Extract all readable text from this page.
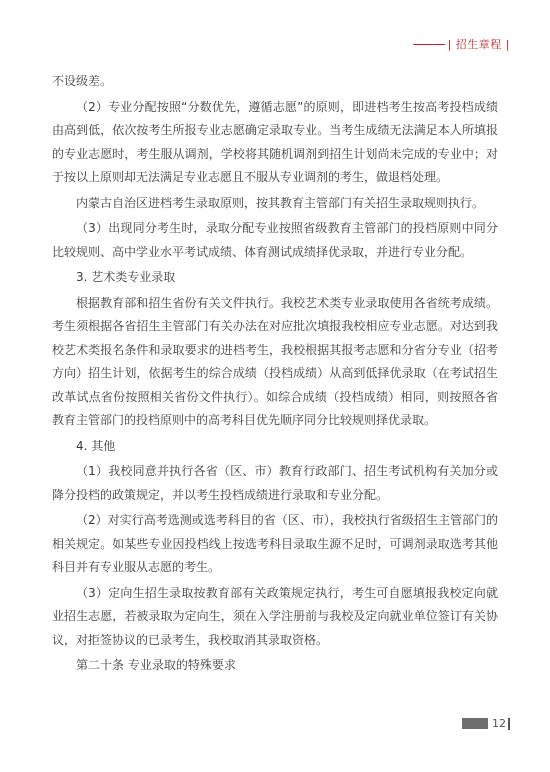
| 招生章程 |

不设级差。

（2）专业分配按照“分数优先，遵循志愿”的原则，即进档考生按高考投档成绩由高到低，依次按考生所报专业志愿确定录取专业。当考生成绩无法满足本人所填报的专业志愿时，考生服从调剂，学校将其随机调剂到招生计划尚未完成的专业中；对于按以上原则却无法满足专业志愿且不服从专业调剂的考生，做退档处理。

内蒙古自治区进档考生录取原则，按其教育主管部门有关招生录取规则执行。

（3）出现同分考生时，录取分配专业按照省级教育主管部门的投档原则中同分比较规则、高中学业水平考试成绩、体育测试成绩择优录取，并进行专业分配。

3. 艺术类专业录取

根据教育部和招生省份有关文件执行。我校艺术类专业录取使用各省统考成绩。考生须根据各省招生主管部门有关办法在对应批次填报我校相应专业志愿。对达到我校艺术类报名条件和录取要求的进档考生，我校根据其报考志愿和分省分专业（招考方向）招生计划，依据考生的综合成绩（投档成绩）从高到低择优录取（在考试招生改革试点省份按照相关省份文件执行）。如综合成绩（投档成绩）相同，则按照各省教育主管部门的投档原则中的高考科目优先顺序同分比较规则择优录取。

4. 其他

（1）我校同意并执行各省（区、市）教育行政部门、招生考试机构有关加分或降分投档的政策规定，并以考生投档成绩进行录取和专业分配。

（2）对实行高考选测或选考科目的省（区、市），我校执行省级招生主管部门的相关规定。如某些专业因投档线上按选考科目录取生源不足时，可调剂录取选考其他科目并有专业服从志愿的考生。

（3）定向生招生录取按教育部有关政策规定执行，考生可自愿填报我校定向就业招生志愿，若被录取为定向生，须在入学注册前与我校及定向就业单位签订有关协议，对拒签协议的已录考生，我校取消其录取资格。

第二十条 专业录取的特殊要求

12
